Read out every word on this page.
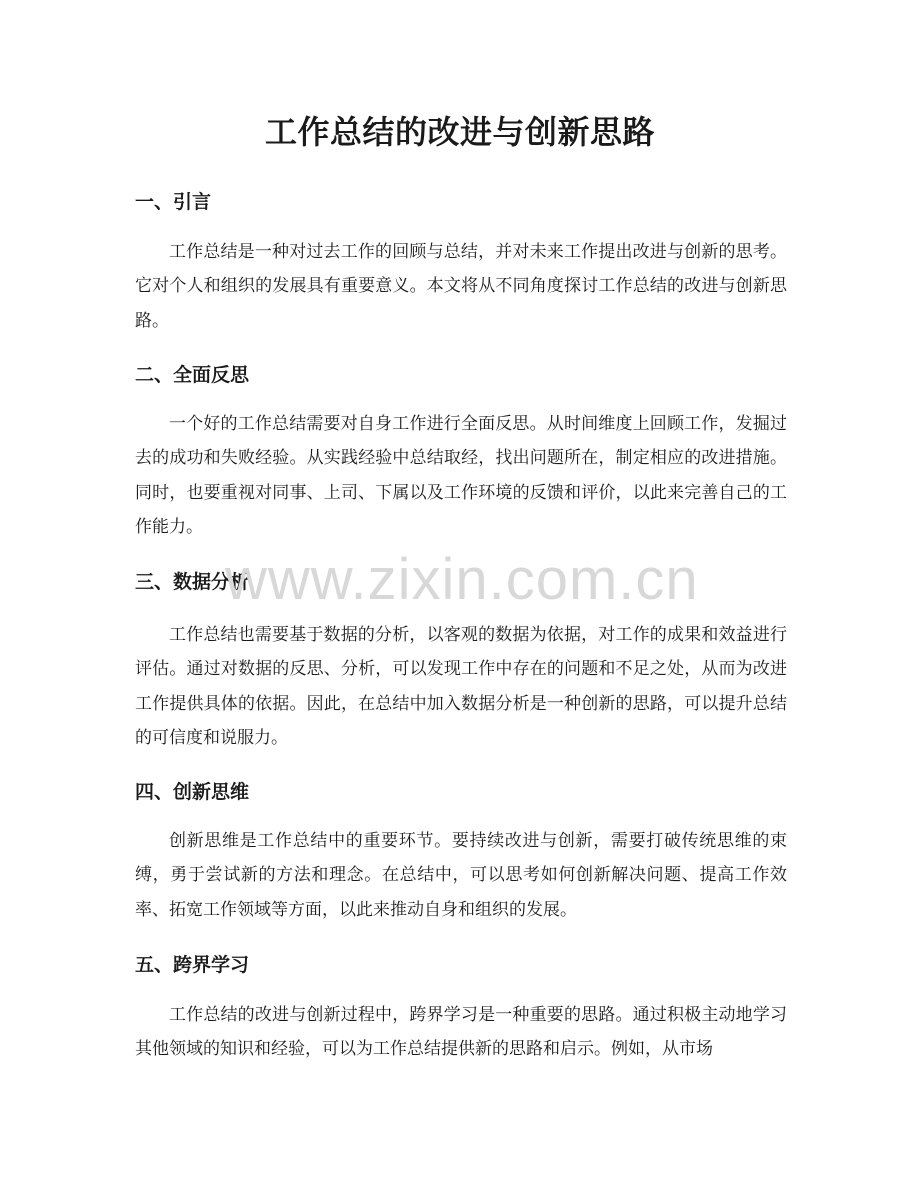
工作总结的改进与创新思路
一、引言

工作总结是一种对过去工作的回顾与总结，并对未来工作提出改进与创新的思考。它对个人和组织的发展具有重要意义。本文将从不同角度探讨工作总结的改进与创新思路。

二、全面反思

一个好的工作总结需要对自身工作进行全面反思。从时间维度上回顾工作，发掘过去的成功和失败经验。从实践经验中总结取经，找出问题所在，制定相应的改进措施。同时，也要重视对同事、上司、下属以及工作环境的反馈和评价，以此来完善自己的工作能力。

三、数据分析

工作总结也需要基于数据的分析，以客观的数据为依据，对工作的成果和效益进行评估。通过对数据的反思、分析，可以发现工作中存在的问题和不足之处，从而为改进工作提供具体的依据。因此，在总结中加入数据分析是一种创新的思路，可以提升总结的可信度和说服力。

四、创新思维

创新思维是工作总结中的重要环节。要持续改进与创新，需要打破传统思维的束缚，勇于尝试新的方法和理念。在总结中，可以思考如何创新解决问题、提高工作效率、拓宽工作领域等方面，以此来推动自身和组织的发展。

五、跨界学习

工作总结的改进与创新过程中，跨界学习是一种重要的思路。通过积极主动地学习其他领域的知识和经验，可以为工作总结提供新的思路和启示。例如，从市场

www.zixin.com.cn
